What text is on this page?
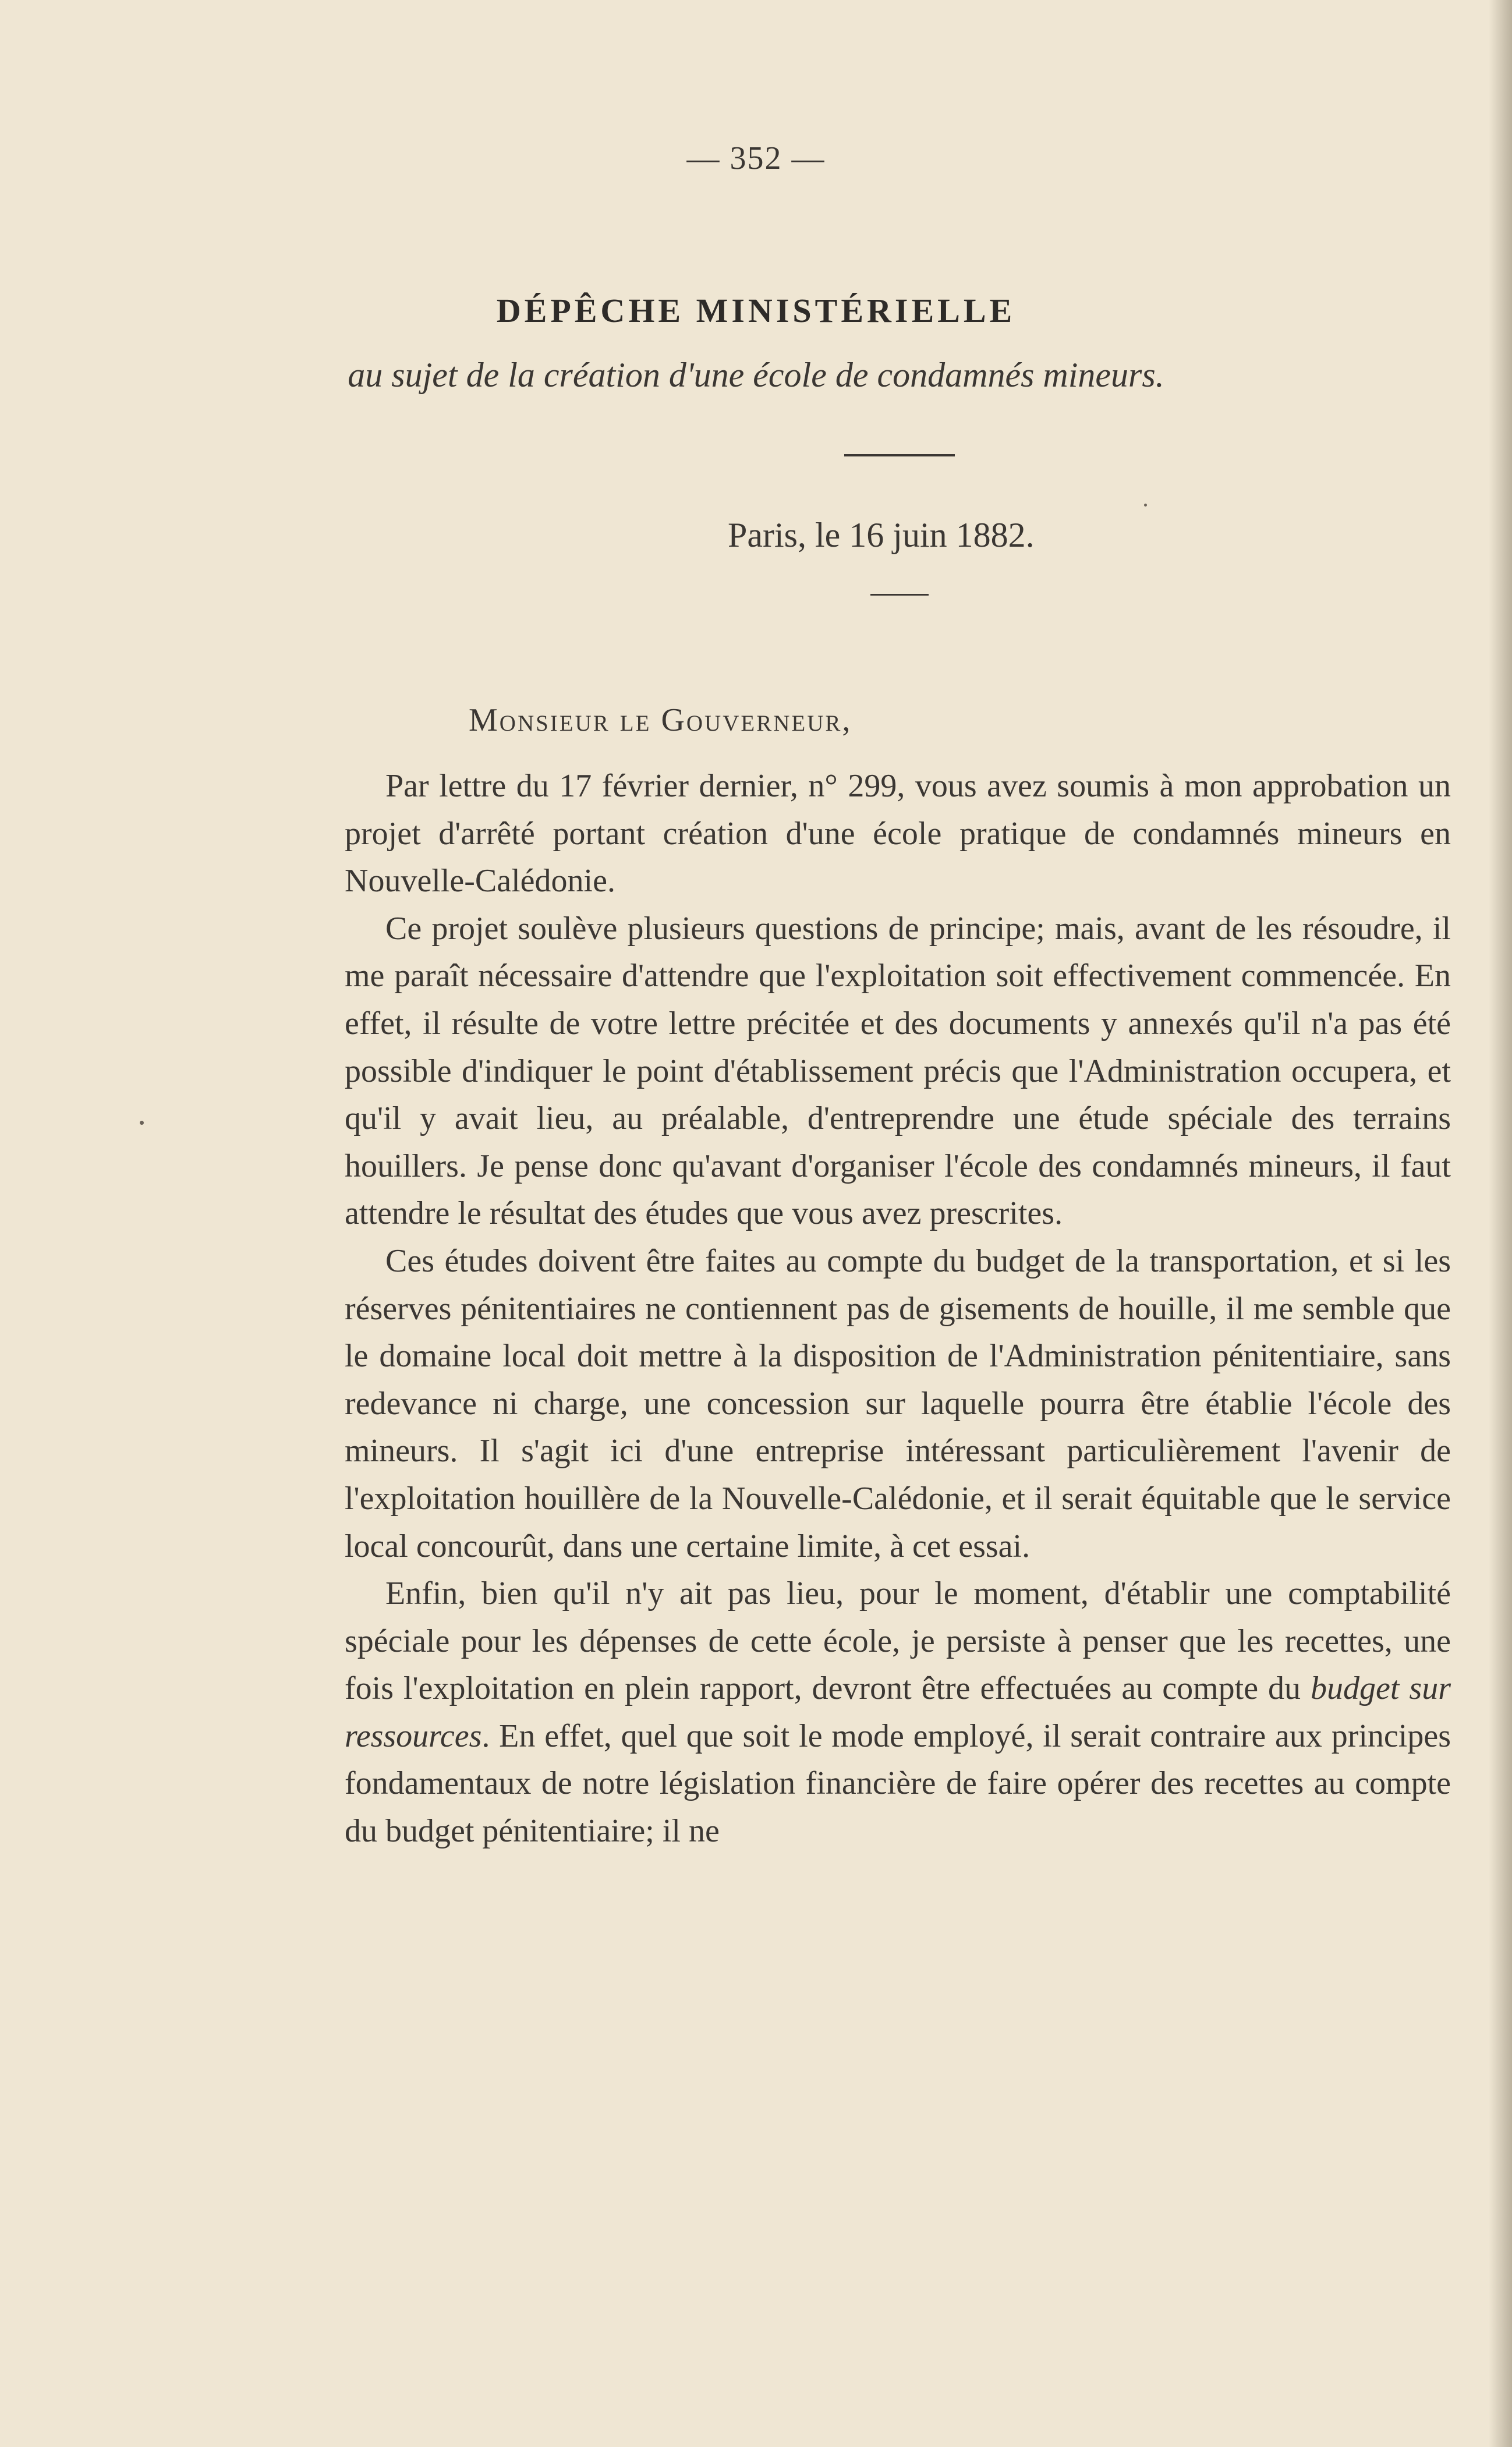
— 352 —
DÉPÊCHE MINISTÉRIELLE
au sujet de la création d'une école de condamnés mineurs.
Paris, le 16 juin 1882.
Monsieur le Gouverneur,

Par lettre du 17 février dernier, n° 299, vous avez soumis à mon approbation un projet d'arrêté portant création d'une école pratique de condamnés mineurs en Nouvelle-Calédonie.

Ce projet soulève plusieurs questions de principe; mais, avant de les résoudre, il me paraît nécessaire d'attendre que l'exploitation soit effectivement commencée. En effet, il résulte de votre lettre précitée et des documents y annexés qu'il n'a pas été possible d'indiquer le point d'établissement précis que l'Administration occupera, et qu'il y avait lieu, au préalable, d'entreprendre une étude spéciale des terrains houillers. Je pense donc qu'avant d'organiser l'école des condamnés mineurs, il faut attendre le résultat des études que vous avez prescrites.

Ces études doivent être faites au compte du budget de la transportation, et si les réserves pénitentiaires ne contiennent pas de gisements de houille, il me semble que le domaine local doit mettre à la disposition de l'Administration pénitentiaire, sans redevance ni charge, une concession sur laquelle pourra être établie l'école des mineurs. Il s'agit ici d'une entreprise intéressant particulièrement l'avenir de l'exploitation houillère de la Nouvelle-Calédonie, et il serait équitable que le service local concourût, dans une certaine limite, à cet essai.

Enfin, bien qu'il n'y ait pas lieu, pour le moment, d'établir une comptabilité spéciale pour les dépenses de cette école, je persiste à penser que les recettes, une fois l'exploitation en plein rapport, devront être effectuées au compte du budget sur ressources. En effet, quel que soit le mode employé, il serait contraire aux principes fondamentaux de notre législation financière de faire opérer des recettes au compte du budget pénitentiaire; il ne
